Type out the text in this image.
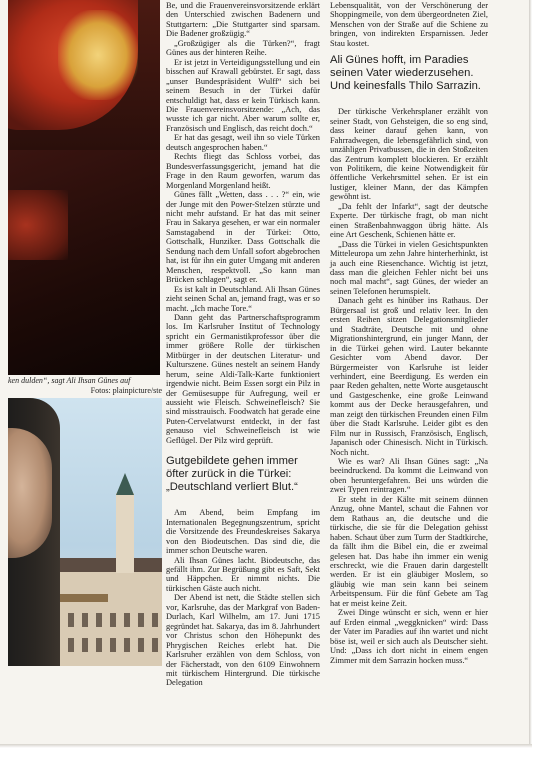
ken dulden“, sagt Ali Ihsan Günes auf
Fotos: plainpicture/ste

Be, und die Frauenvereinsvorsitzende erklärt den Unterschied zwischen Badenern und Stuttgartern: „Die Stuttgarter sind sparsam. Die Badener großzügig.“

„Großzügiger als die Türken?“, fragt Günes aus der hinteren Reihe.

Er ist jetzt in Verteidigungsstellung und ein bisschen auf Krawall gebürstet. Er sagt, dass „unser Bundespräsident Wulff“ sich bei seinem Besuch in der Türkei dafür entschuldigt hat, dass er kein Türkisch kann. Die Frauenvereinsvorsitzende: „Ach, das wusste ich gar nicht. Aber warum sollte er, Französisch und Englisch, das reicht doch.“

Er hat das gesagt, weil ihn so viele Türken deutsch angesprochen haben.“

Rechts fliegt das Schloss vorbei, das Bundesverfassungsgericht, jemand hat die Frage in den Raum geworfen, warum das Morgenland Morgenland heißt.

Günes fällt „Wetten, dass . . . ?“ ein, wie der Junge mit den Power-Stelzen stürzte und nicht mehr aufstand. Er hat das mit seiner Frau in Sakarya gesehen, er war ein normaler Samstagabend in der Türkei: Otto, Gottschalk, Hunziker. Dass Gottschalk die Sendung nach dem Unfall sofort abgebrochen hat, ist für ihn ein guter Umgang mit anderen Menschen, respektvoll. „So kann man Brücken schlagen“, sagt er.

Es ist kalt in Deutschland. Ali Ihsan Günes zieht seinen Schal an, jemand fragt, was er so macht. „Ich mache Tore.“

Dann geht das Partnerschaftsprogramm los. Im Karlsruher Institut of Technology spricht ein Germanistikprofessor über die immer größere Rolle der türkischen Mitbürger in der deutschen Literatur- und Kulturszene. Günes nestelt an seinem Handy herum, seine Aldi-Talk-Karte funktioniert irgendwie nicht. Beim Essen sorgt ein Pilz in der Gemüsesuppe für Aufregung, weil er aussieht wie Fleisch. Schweinefleisch? Sie sind misstrauisch. Foodwatch hat gerade eine Puten-Cervelatwurst entdeckt, in der fast genauso viel Schweinefleisch ist wie Geflügel. Der Pilz wird geprüft.

Gutgebildete gehen immer öfter zurück in die Türkei: „Deutschland verliert Blut.“

Am Abend, beim Empfang im Internationalen Begegnungszentrum, spricht die Vorsitzende des Freundeskreises Sakarya von den Biodeutschen. Das sind die, die immer schon Deutsche waren.

Ali Ihsan Günes lacht. Biodeutsche, das gefällt ihm. Zur Begrüßung gibt es Saft, Sekt und Häppchen. Er nimmt nichts. Die türkischen Gäste auch nicht.

Der Abend ist nett, die Städte stellen sich vor, Karlsruhe, das der Markgraf von Baden-Durlach, Karl Wilhelm, am 17. Juni 1715 gegründet hat. Sakarya, das im 8. Jahrhundert vor Christus schon den Höhepunkt des Phrygischen Reiches erlebt hat. Die Karlsruher erzählen von dem Schloss, von der Fächerstadt, von den 6109 Einwohnern mit türkischem Hintergrund. Die türkische Delegation

Lebensqualität, von der Verschönerung der Shoppingmeile, von dem übergeordneten Ziel, Menschen von der Straße auf die Schiene zu bringen, von indirekten Ersparnissen. Jeder Stau kostet.

Ali Günes hofft, im Paradies seinen Vater wiederzusehen. Und keinesfalls Thilo Sarrazin.

Der türkische Verkehrsplaner erzählt von seiner Stadt, von Gehsteigen, die so eng sind, dass keiner darauf gehen kann, von Fahrradwegen, die lebensgefährlich sind, von unzähligen Privatbussen, die in den Stoßzeiten das Zentrum komplett blockieren. Er erzählt von Politikern, die keine Notwendigkeit für öffentliche Verkehrsmittel sehen. Er ist ein lustiger, kleiner Mann, der das Kämpfen gewöhnt ist.

„Da fehlt der Infarkt“, sagt der deutsche Experte. Der türkische fragt, ob man nicht einen Straßenbahnwaggon übrig hätte. Als eine Art Geschenk, Schienen hätte er.

„Dass die Türkei in vielen Gesichtspunkten Mitteleuropa um zehn Jahre hinterherhinkt, ist ja auch eine Riesenchance. Wichtig ist jetzt, dass man die gleichen Fehler nicht bei uns noch mal macht“, sagt Günes, der wieder an seinen Telefonen herumspielt.

Danach geht es hinüber ins Rathaus. Der Bürgersaal ist groß und relativ leer. In den ersten Reihen sitzen Delegationsmitglieder und Stadträte, Deutsche mit und ohne Migrationshintergrund, ein junger Mann, der in die Türkei gehen wird. Lauter bekannte Gesichter vom Abend davor. Der Bürgermeister von Karlsruhe ist leider verhindert, eine Beerdigung. Es werden ein paar Reden gehalten, nette Worte ausgetauscht und Gastgeschenke, eine große Leinwand kommt aus der Decke herausgefahren, und man zeigt den türkischen Freunden einen Film über die Stadt Karlsruhe. Leider gibt es den Film nur in Russisch, Französisch, Englisch, Japanisch oder Chinesisch. Nicht in Türkisch. Noch nicht.

Wie es war? Ali Ihsan Günes sagt: „Na beeindruckend. Da kommt die Leinwand von oben heruntergefahren. Bei uns würden die zwei Typen reintragen.“

Er steht in der Kälte mit seinem dünnen Anzug, ohne Mantel, schaut die Fahnen vor dem Rathaus an, die deutsche und die türkische, die sie für die Delegation gehisst haben. Schaut über zum Turm der Stadtkirche, da fällt ihm die Bibel ein, die er zweimal gelesen hat. Das habe ihn immer ein wenig erschreckt, wie die Frauen darin dargestellt werden. Er ist ein gläubiger Moslem, so gläubig wie man sein kann bei seinem Arbeitspensum. Für die fünf Gebete am Tag hat er meist keine Zeit.

Zwei Dinge wünscht er sich, wenn er hier auf Erden einmal „weggknicken“ wird: Dass der Vater im Paradies auf ihn wartet und nicht böse ist, weil er sich auch als Deutscher sieht. Und: „Dass ich dort nicht in einem engen Zimmer mit dem Sarrazin hocken muss.“
